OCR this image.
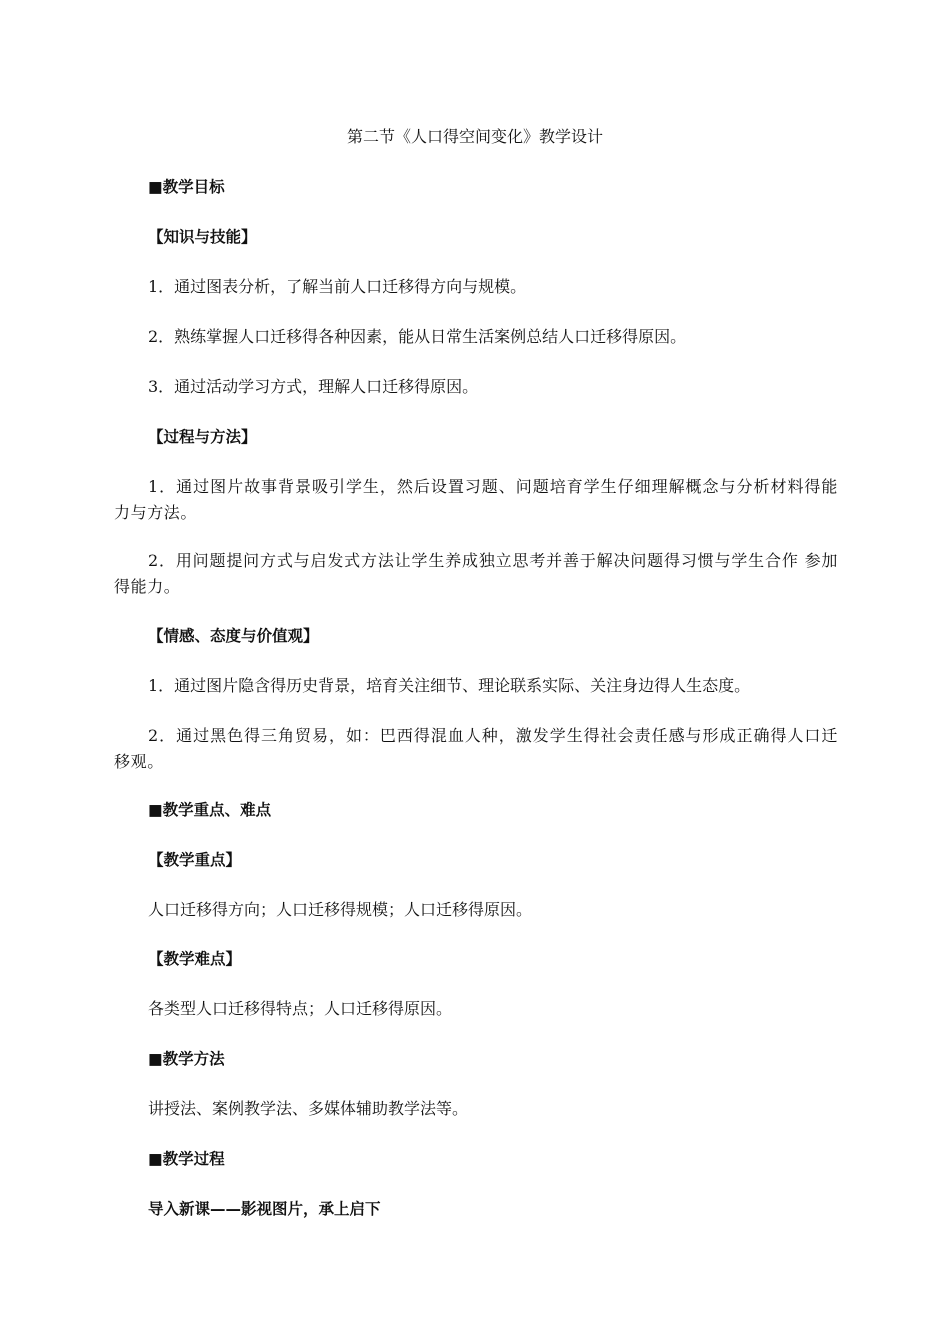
第二节《人口得空间变化》教学设计
■教学目标
【知识与技能】
1．通过图表分析，了解当前人口迁移得方向与规模。
2．熟练掌握人口迁移得各种因素，能从日常生活案例总结人口迁移得原因。
3．通过活动学习方式，理解人口迁移得原因。
【过程与方法】
1．通过图片故事背景吸引学生，然后设置习题、问题培育学生仔细理解概念与分析材料得能力与方法。
2．用问题提问方式与启发式方法让学生养成独立思考并善于解决问题得习惯与学生合作 参加得能力。
【情感、态度与价值观】
1．通过图片隐含得历史背景，培育关注细节、理论联系实际、关注身边得人生态度。
2．通过黑色得三角贸易，如：巴西得混血人种，激发学生得社会责任感与形成正确得人口迁移观。
■教学重点、难点
【教学重点】
人口迁移得方向；人口迁移得规模；人口迁移得原因。
【教学难点】
各类型人口迁移得特点；人口迁移得原因。
■教学方法
讲授法、案例教学法、多媒体辅助教学法等。
■教学过程
导入新课——影视图片，承上启下
